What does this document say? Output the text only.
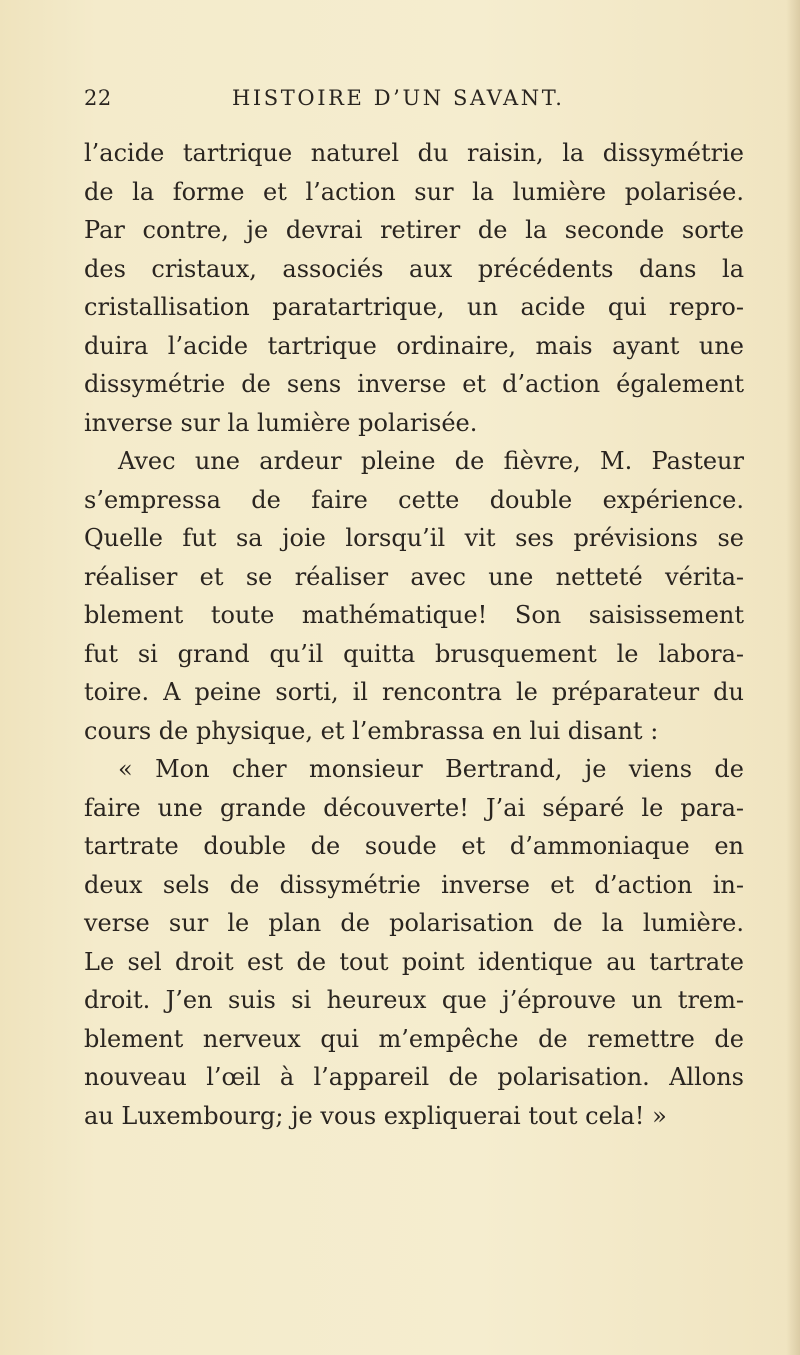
22	HISTOIRE D’UN SAVANT.
l’acide tartrique naturel du raisin, la dissymétrie
de la forme et l’action sur la lumière polarisée.
Par contre, je devrai retirer de la seconde sorte
des cristaux, associés aux précédents dans la
cristallisation paratartrique, un acide qui repro-
duira l’acide tartrique ordinaire, mais ayant une
dissymétrie de sens inverse et d’action également
inverse sur la lumière polarisée.
Avec une ardeur pleine de fièvre, M. Pasteur
s’empressa de faire cette double expérience.
Quelle fut sa joie lorsqu’il vit ses prévisions se
réaliser et se réaliser avec une netteté vérita-
blement toute mathématique! Son saisissement
fut si grand qu’il quitta brusquement le labora-
toire. A peine sorti, il rencontra le préparateur du
cours de physique, et l’embrassa en lui disant :
« Mon cher monsieur Bertrand, je viens de
faire une grande découverte! J’ai séparé le para-
tartrate double de soude et d’ammoniaque en
deux sels de dissymétrie inverse et d’action in-
verse sur le plan de polarisation de la lumière.
Le sel droit est de tout point identique au tartrate
droit. J’en suis si heureux que j’éprouve un trem-
blement nerveux qui m’empêche de remettre de
nouveau l’œil à l’appareil de polarisation. Allons
au Luxembourg; je vous expliquerai tout cela! »
